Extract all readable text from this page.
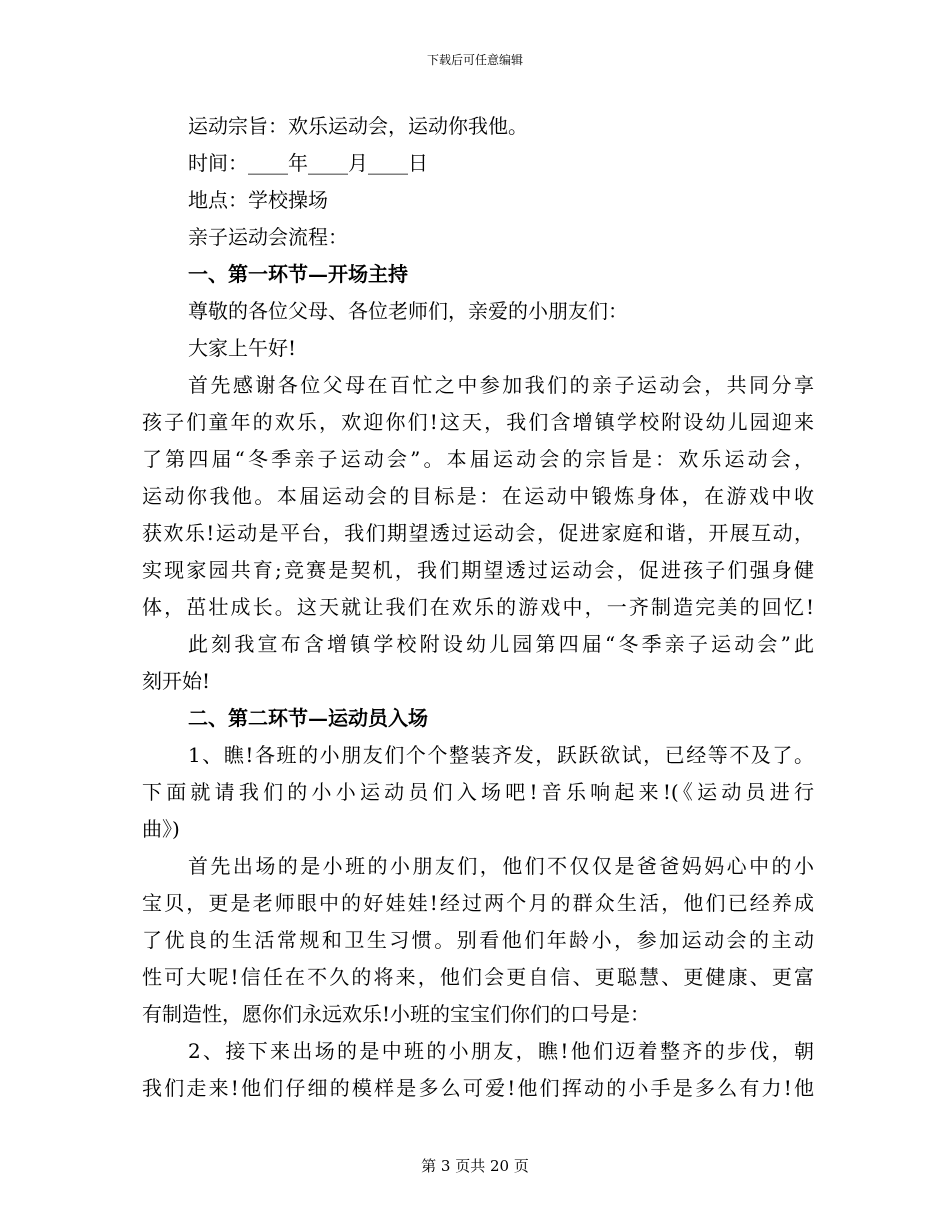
下载后可任意编辑
运动宗旨：欢乐运动会，运动你我他。
时间：____年____月____日
地点：学校操场
亲子运动会流程：
一、第一环节—开场主持
尊敬的各位父母、各位老师们，亲爱的小朋友们：
大家上午好!
首先感谢各位父母在百忙之中参加我们的亲子运动会，共同分享
孩子们童年的欢乐，欢迎你们!这天，我们含增镇学校附设幼儿园迎来
了第四届“冬季亲子运动会”。本届运动会的宗旨是：欢乐运动会，
运动你我他。本届运动会的目标是：在运动中锻炼身体，在游戏中收
获欢乐!运动是平台，我们期望透过运动会，促进家庭和谐，开展互动，
实现家园共育;竞赛是契机，我们期望透过运动会，促进孩子们强身健
体，茁壮成长。这天就让我们在欢乐的游戏中，一齐制造完美的回忆!
此刻我宣布含增镇学校附设幼儿园第四届“冬季亲子运动会”此
刻开始!
二、第二环节—运动员入场
1、瞧!各班的小朋友们个个整装齐发，跃跃欲试，已经等不及了。
下面就请我们的小小运动员们入场吧!音乐响起来!(《运动员进行
曲》)
首先出场的是小班的小朋友们，他们不仅仅是爸爸妈妈心中的小
宝贝，更是老师眼中的好娃娃!经过两个月的群众生活，他们已经养成
了优良的生活常规和卫生习惯。别看他们年龄小，参加运动会的主动
性可大呢!信任在不久的将来，他们会更自信、更聪慧、更健康、更富
有制造性，愿你们永远欢乐!小班的宝宝们你们的口号是：
2、接下来出场的是中班的小朋友，瞧!他们迈着整齐的步伐，朝
我们走来!他们仔细的模样是多么可爱!他们挥动的小手是多么有力!他
第 3 页共 20 页
